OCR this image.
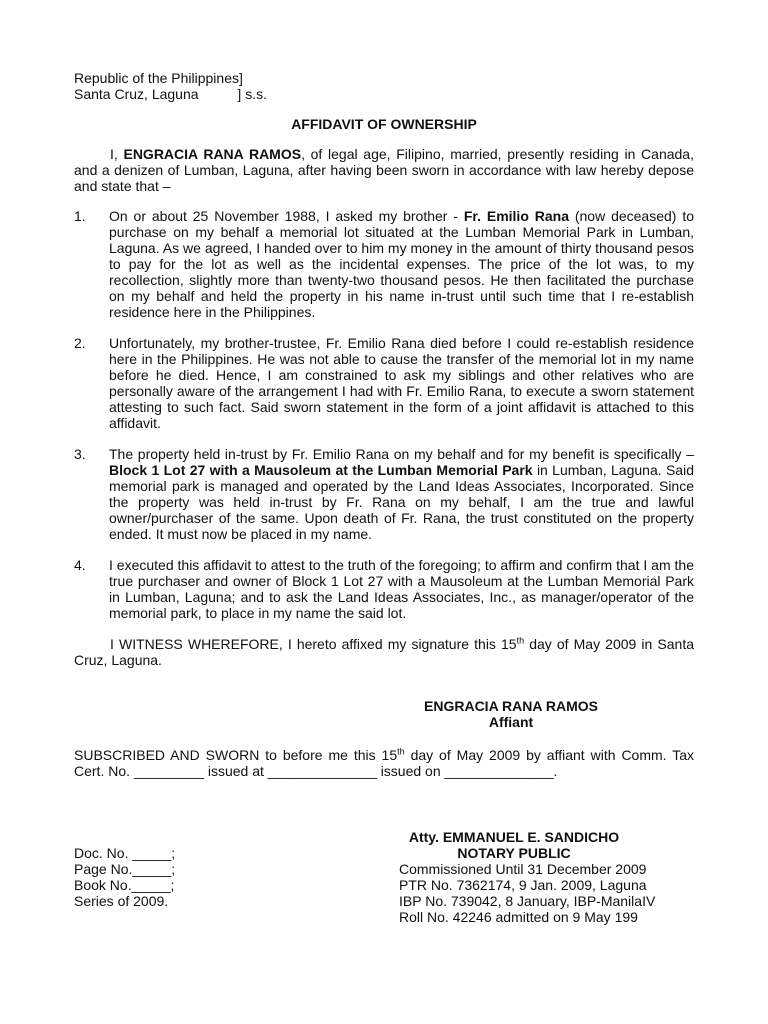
Republic of the Philippines]
Santa Cruz, Laguna          ] s.s.
AFFIDAVIT OF OWNERSHIP

I, ENGRACIA RANA RAMOS, of legal age, Filipino, married, presently residing in Canada, and a denizen of Lumban, Laguna, after having been sworn in accordance with law hereby depose and state that –

1.	On or about 25 November 1988, I asked my brother - Fr. Emilio Rana (now deceased) to purchase on my behalf a memorial lot situated at the Lumban Memorial Park in Lumban, Laguna. As we agreed, I handed over to him my money in the amount of thirty thousand pesos to pay for the lot as well as the incidental expenses. The price of the lot was, to my recollection, slightly more than twenty-two thousand pesos. He then facilitated the purchase on my behalf and held the property in his name in-trust until such time that I re-establish residence here in the Philippines.
2.	Unfortunately, my brother-trustee, Fr. Emilio Rana died before I could re-establish residence here in the Philippines. He was not able to cause the transfer of the memorial lot in my name before he died. Hence, I am constrained to ask my siblings and other relatives who are personally aware of the arrangement I had with Fr. Emilio Rana, to execute a sworn statement attesting to such fact. Said sworn statement in the form of a joint affidavit is attached to this affidavit.
3.	The property held in-trust by Fr. Emilio Rana on my behalf and for my benefit is specifically – Block 1 Lot 27 with a Mausoleum at the Lumban Memorial Park in Lumban, Laguna. Said memorial park is managed and operated by the Land Ideas Associates, Incorporated. Since the property was held in-trust by Fr. Rana on my behalf, I am the true and lawful owner/purchaser of the same. Upon death of Fr. Rana, the trust constituted on the property ended. It must now be placed in my name.
4.	I executed this affidavit to attest to the truth of the foregoing; to affirm and confirm that I am the true purchaser and owner of Block 1 Lot 27 with a Mausoleum at the Lumban Memorial Park in Lumban, Laguna; and to ask the Land Ideas Associates, Inc., as manager/operator of the memorial park, to place in my name the said lot.

I WITNESS WHEREFORE, I hereto affixed my signature this 15th day of May 2009 in Santa Cruz, Laguna.

ENGRACIA RANA RAMOS
Affiant

SUBSCRIBED AND SWORN to before me this 15th day of May 2009 by affiant with Comm. Tax Cert. No. _________ issued at ______________ issued on ______________.

Doc. No. _____;
Page No._____;
Book No._____;
Series of 2009.
Atty. EMMANUEL E. SANDICHO
NOTARY PUBLIC
Commissioned Until 31 December 2009
PTR No. 7362174, 9 Jan. 2009, Laguna
IBP No. 739042, 8 January, IBP-ManilaIV
Roll No. 42246 admitted on 9 May 199
